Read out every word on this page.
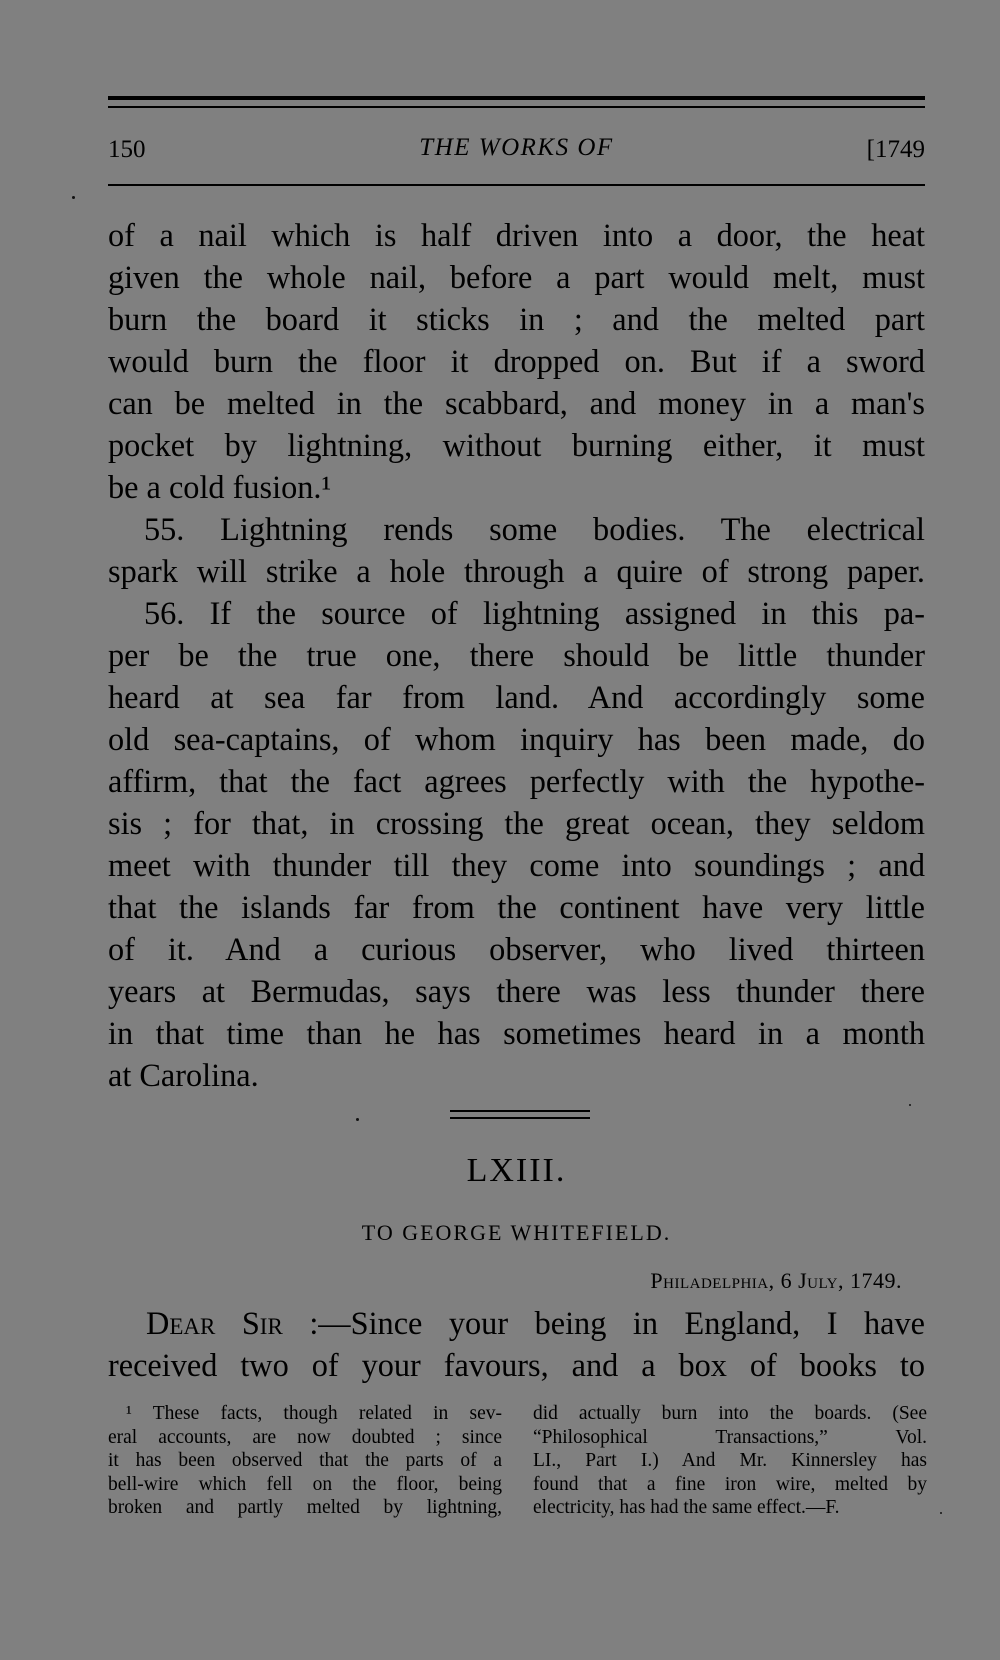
150	THE WORKS OF	[1749
of a nail which is half driven into a door, the heat
given the whole nail, before a part would melt, must
burn the board it sticks in ; and the melted part
would burn the floor it dropped on. But if a sword
can be melted in the scabbard, and money in a man's
pocket by lightning, without burning either, it must
be a cold fusion.¹
55. Lightning rends some bodies. The electrical
spark will strike a hole through a quire of strong paper.
56. If the source of lightning assigned in this pa-
per be the true one, there should be little thunder
heard at sea far from land. And accordingly some
old sea-captains, of whom inquiry has been made, do
affirm, that the fact agrees perfectly with the hypothe-
sis ; for that, in crossing the great ocean, they seldom
meet with thunder till they come into soundings ; and
that the islands far from the continent have very little
of it. And a curious observer, who lived thirteen
years at Bermudas, says there was less thunder there
in that time than he has sometimes heard in a month
at Carolina.
LXIII.
TO GEORGE WHITEFIELD.
Philadelphia, 6 July, 1749.
Dear Sir :—Since your being in England, I have
received two of your favours, and a box of books to
¹ These facts, though related in sev-
eral accounts, are now doubted ; since
it has been observed that the parts of a
bell-wire which fell on the floor, being
broken and partly melted by lightning,
did actually burn into the boards. (See
“Philosophical Transactions,” Vol.
LI., Part I.) And Mr. Kinnersley has
found that a fine iron wire, melted by
electricity, has had the same effect.—F.
